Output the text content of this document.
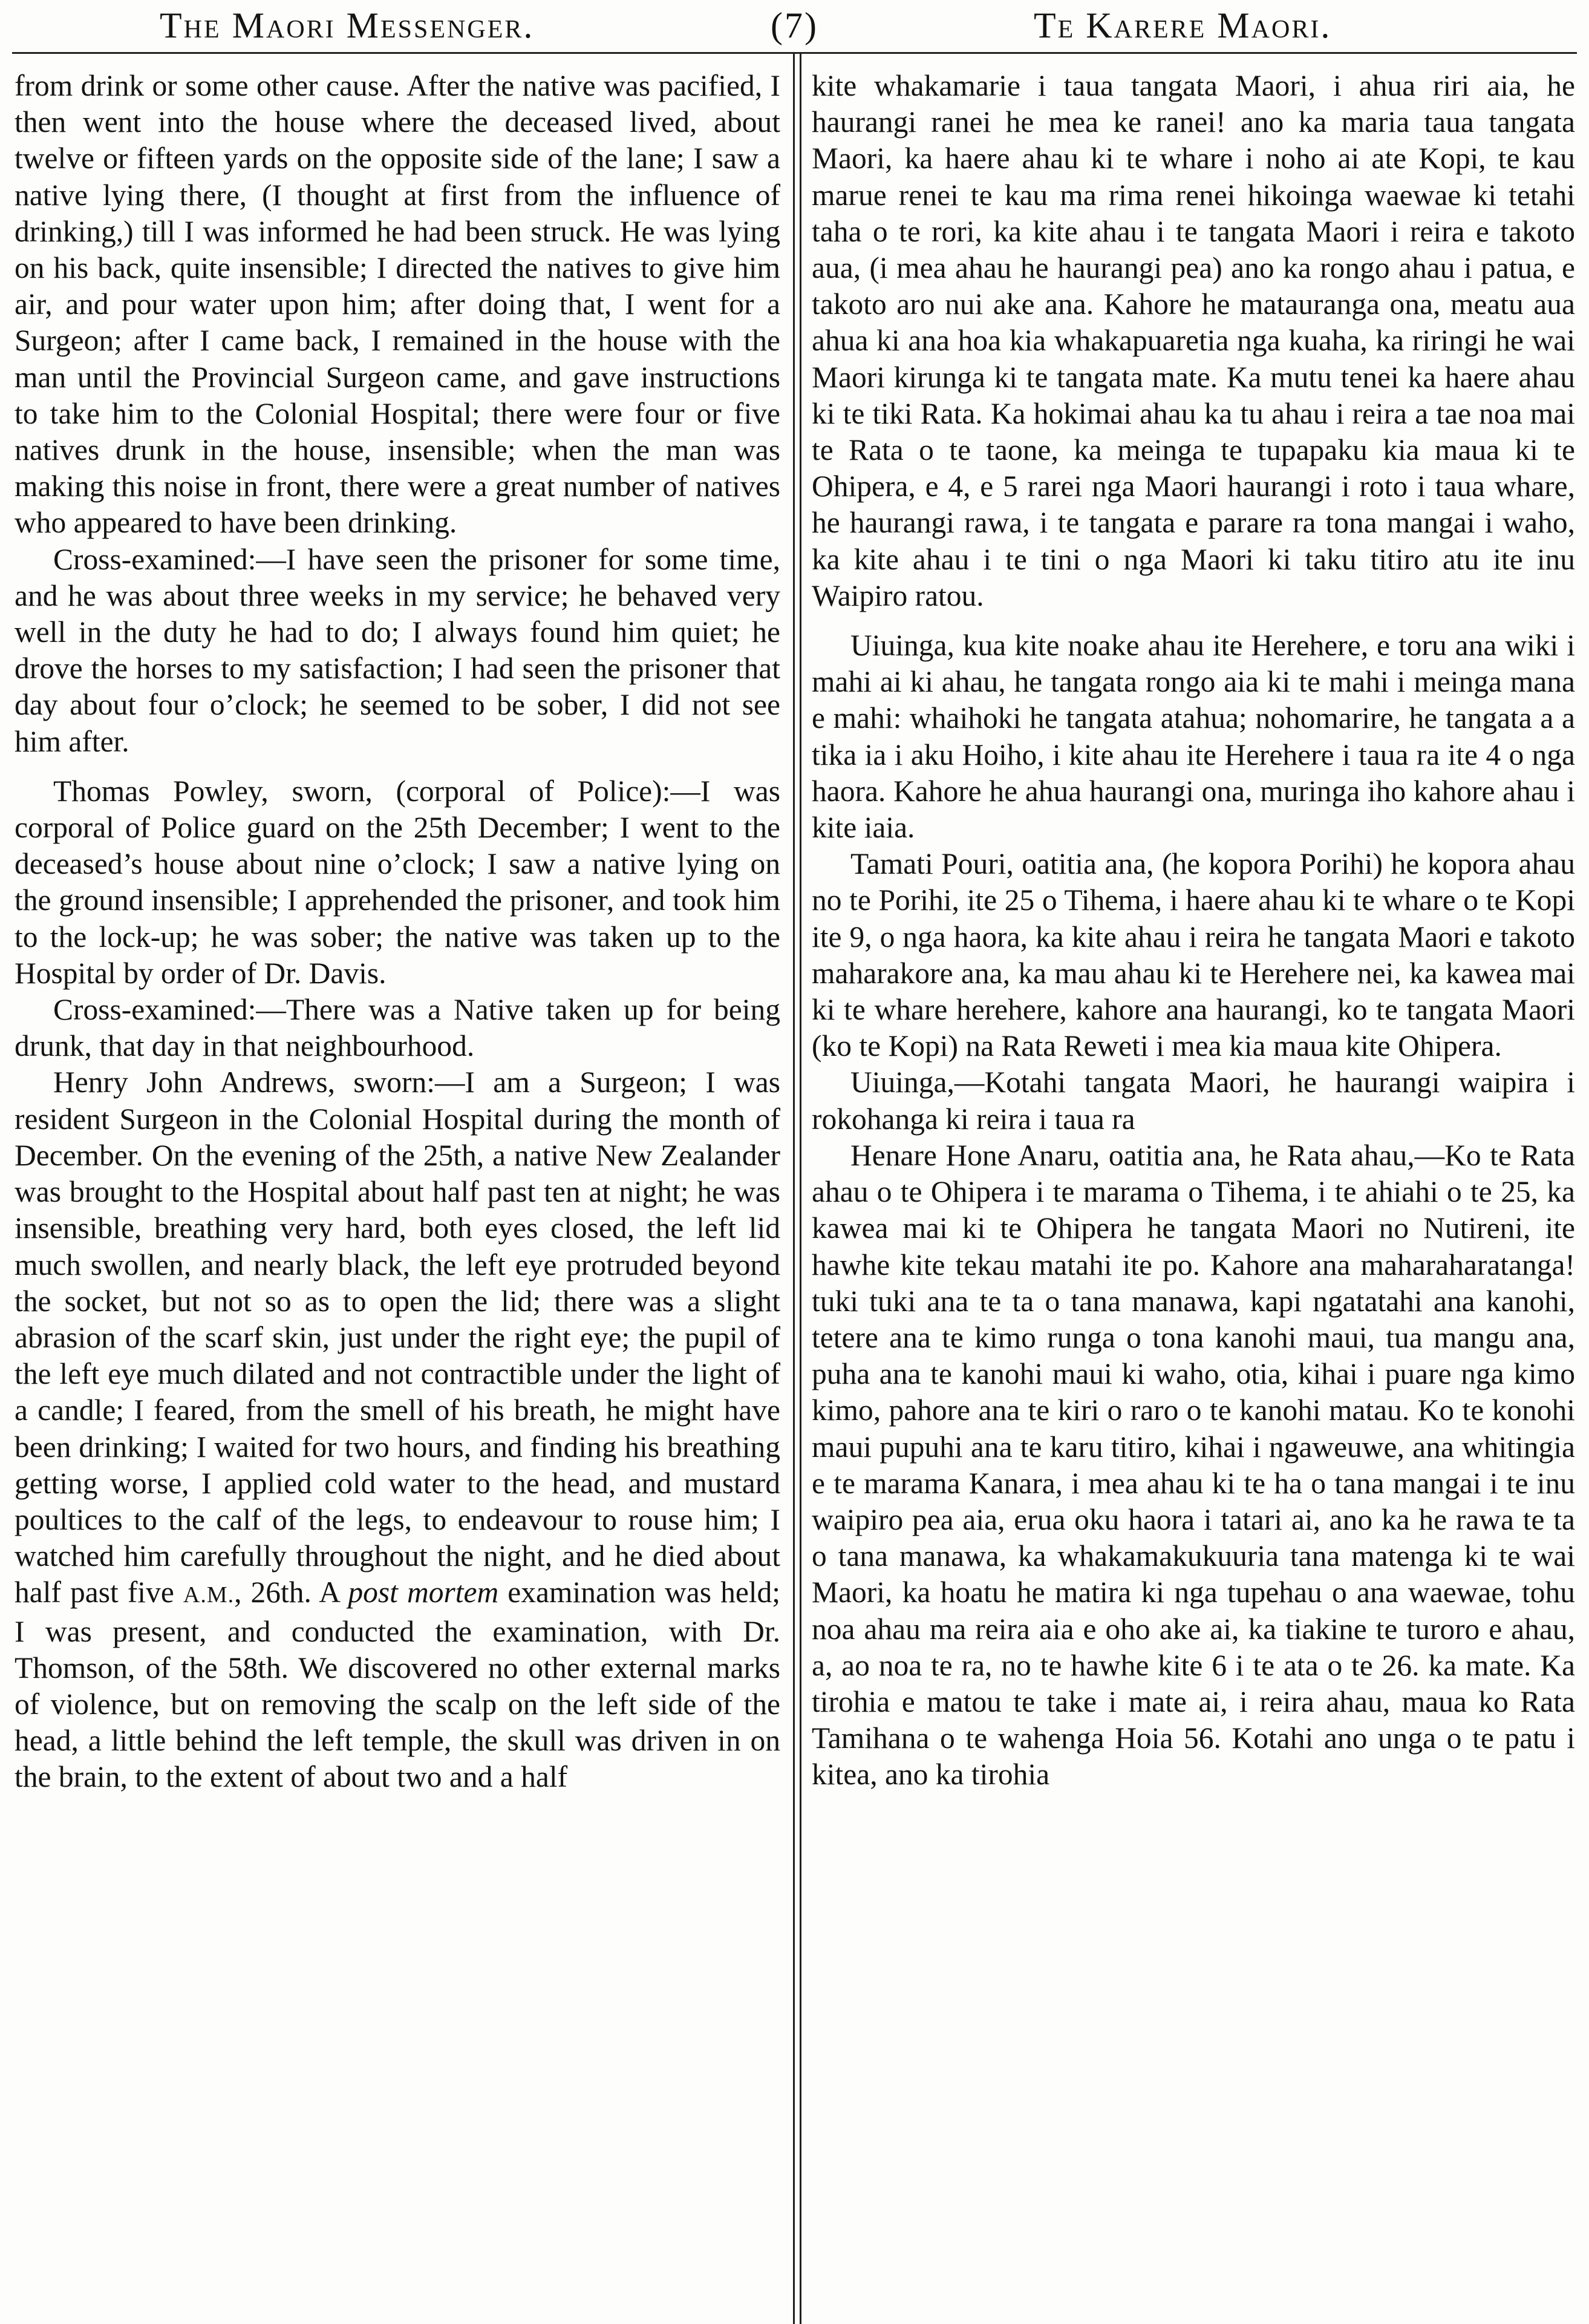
The Maori Messenger.	(7)	Te Karere Maori.

from drink or some other cause. After the native was pacified, I then went into the house where the deceased lived, about twelve or fifteen yards on the opposite side of the lane; I saw a native lying there, (I thought at first from the influence of drinking,) till I was informed he had been struck. He was lying on his back, quite insensible; I directed the natives to give him air, and pour water upon him; after doing that, I went for a Surgeon; after I came back, I remained in the house with the man until the Provincial Surgeon came, and gave instructions to take him to the Colonial Hospital; there were four or five natives drunk in the house, insensible; when the man was making this noise in front, there were a great number of natives who appeared to have been drinking.

Cross-examined:—I have seen the prisoner for some time, and he was about three weeks in my service; he behaved very well in the duty he had to do; I always found him quiet; he drove the horses to my satisfaction; I had seen the prisoner that day about four o’clock; he seemed to be sober, I did not see him after.

Thomas Powley, sworn, (corporal of Police):—I was corporal of Police guard on the 25th December; I went to the deceased’s house about nine o’clock; I saw a native lying on the ground insensible; I apprehended the prisoner, and took him to the lock-up; he was sober; the native was taken up to the Hospital by order of Dr. Davis.

Cross-examined:—There was a Native taken up for being drunk, that day in that neighbourhood.

Henry John Andrews, sworn:—I am a Surgeon; I was resident Surgeon in the Colonial Hospital during the month of December. On the evening of the 25th, a native New Zealander was brought to the Hospital about half past ten at night; he was insensible, breathing very hard, both eyes closed, the left lid much swollen, and nearly black, the left eye protruded beyond the socket, but not so as to open the lid; there was a slight abrasion of the scarf skin, just under the right eye; the pupil of the left eye much dilated and not contractible under the light of a candle; I feared, from the smell of his breath, he might have been drinking; I waited for two hours, and finding his breathing getting worse, I applied cold water to the head, and mustard poultices to the calf of the legs, to endeavour to rouse him; I watched him carefully throughout the night, and he died about half past five A.M., 26th. A post mortem examination was held; I was present, and conducted the examination, with Dr. Thomson, of the 58th. We discovered no other external marks of violence, but on removing the scalp on the left side of the head, a little behind the left temple, the skull was driven in on the brain, to the extent of about two and a half

kite whakamarie i taua tangata Maori, i ahua riri aia, he haurangi ranei he mea ke ranei! ano ka maria taua tangata Maori, ka haere ahau ki te whare i noho ai ate Kopi, te kau marue renei te kau ma rima renei hikoinga waewae ki tetahi taha o te rori, ka kite ahau i te tangata Maori i reira e takoto aua, (i mea ahau he haurangi pea) ano ka rongo ahau i patua, e takoto aro nui ake ana. Kahore he matauranga ona, meatu aua ahua ki ana hoa kia whakapuaretia nga kuaha, ka riringi he wai Maori kirunga ki te tangata mate. Ka mutu tenei ka haere ahau ki te tiki Rata. Ka hokimai ahau ka tu ahau i reira a tae noa mai te Rata o te taone, ka meinga te tupapaku kia maua ki te Ohipera, e 4, e 5 rarei nga Maori haurangi i roto i taua whare, he haurangi rawa, i te tangata e parare ra tona mangai i waho, ka kite ahau i te tini o nga Maori ki taku titiro atu ite inu Waipiro ratou.

Uiuinga, kua kite noake ahau ite Herehere, e toru ana wiki i mahi ai ki ahau, he tangata rongo aia ki te mahi i meinga mana e mahi: whaihoki he tangata atahua; nohomarire, he tangata a a tika ia i aku Hoiho, i kite ahau ite Herehere i taua ra ite 4 o nga haora. Kahore he ahua haurangi ona, muringa iho kahore ahau i kite iaia.

Tamati Pouri, oatitia ana, (he kopora Porihi) he kopora ahau no te Porihi, ite 25 o Tihema, i haere ahau ki te whare o te Kopi ite 9, o nga haora, ka kite ahau i reira he tangata Maori e takoto maharakore ana, ka mau ahau ki te Herehere nei, ka kawea mai ki te whare herehere, kahore ana haurangi, ko te tangata Maori (ko te Kopi) na Rata Reweti i mea kia maua kite Ohipera.

Uiuinga,—Kotahi tangata Maori, he haurangi waipira i rokohanga ki reira i taua ra

Henare Hone Anaru, oatitia ana, he Rata ahau,—Ko te Rata ahau o te Ohipera i te marama o Tihema, i te ahiahi o te 25, ka kawea mai ki te Ohipera he tangata Maori no Nutireni, ite hawhe kite tekau matahi ite po. Kahore ana maharaharatanga! tuki tuki ana te ta o tana manawa, kapi ngatatahi ana kanohi, tetere ana te kimo runga o tona kanohi maui, tua mangu ana, puha ana te kanohi maui ki waho, otia, kihai i puare nga kimo kimo, pahore ana te kiri o raro o te kanohi matau. Ko te konohi maui pupuhi ana te karu titiro, kihai i ngaweuwe, ana whitingia e te marama Kanara, i mea ahau ki te ha o tana mangai i te inu waipiro pea aia, erua oku haora i tatari ai, ano ka he rawa te ta o tana manawa, ka whakamakukuuria tana matenga ki te wai Maori, ka hoatu he matira ki nga tupehau o ana waewae, tohu noa ahau ma reira aia e oho ake ai, ka tiakine te turoro e ahau, a, ao noa te ra, no te hawhe kite 6 i te ata o te 26. ka mate. Ka tirohia e matou te take i mate ai, i reira ahau, maua ko Rata Tamihana o te wahenga Hoia 56. Kotahi ano unga o te patu i kitea, ano ka tirohia
